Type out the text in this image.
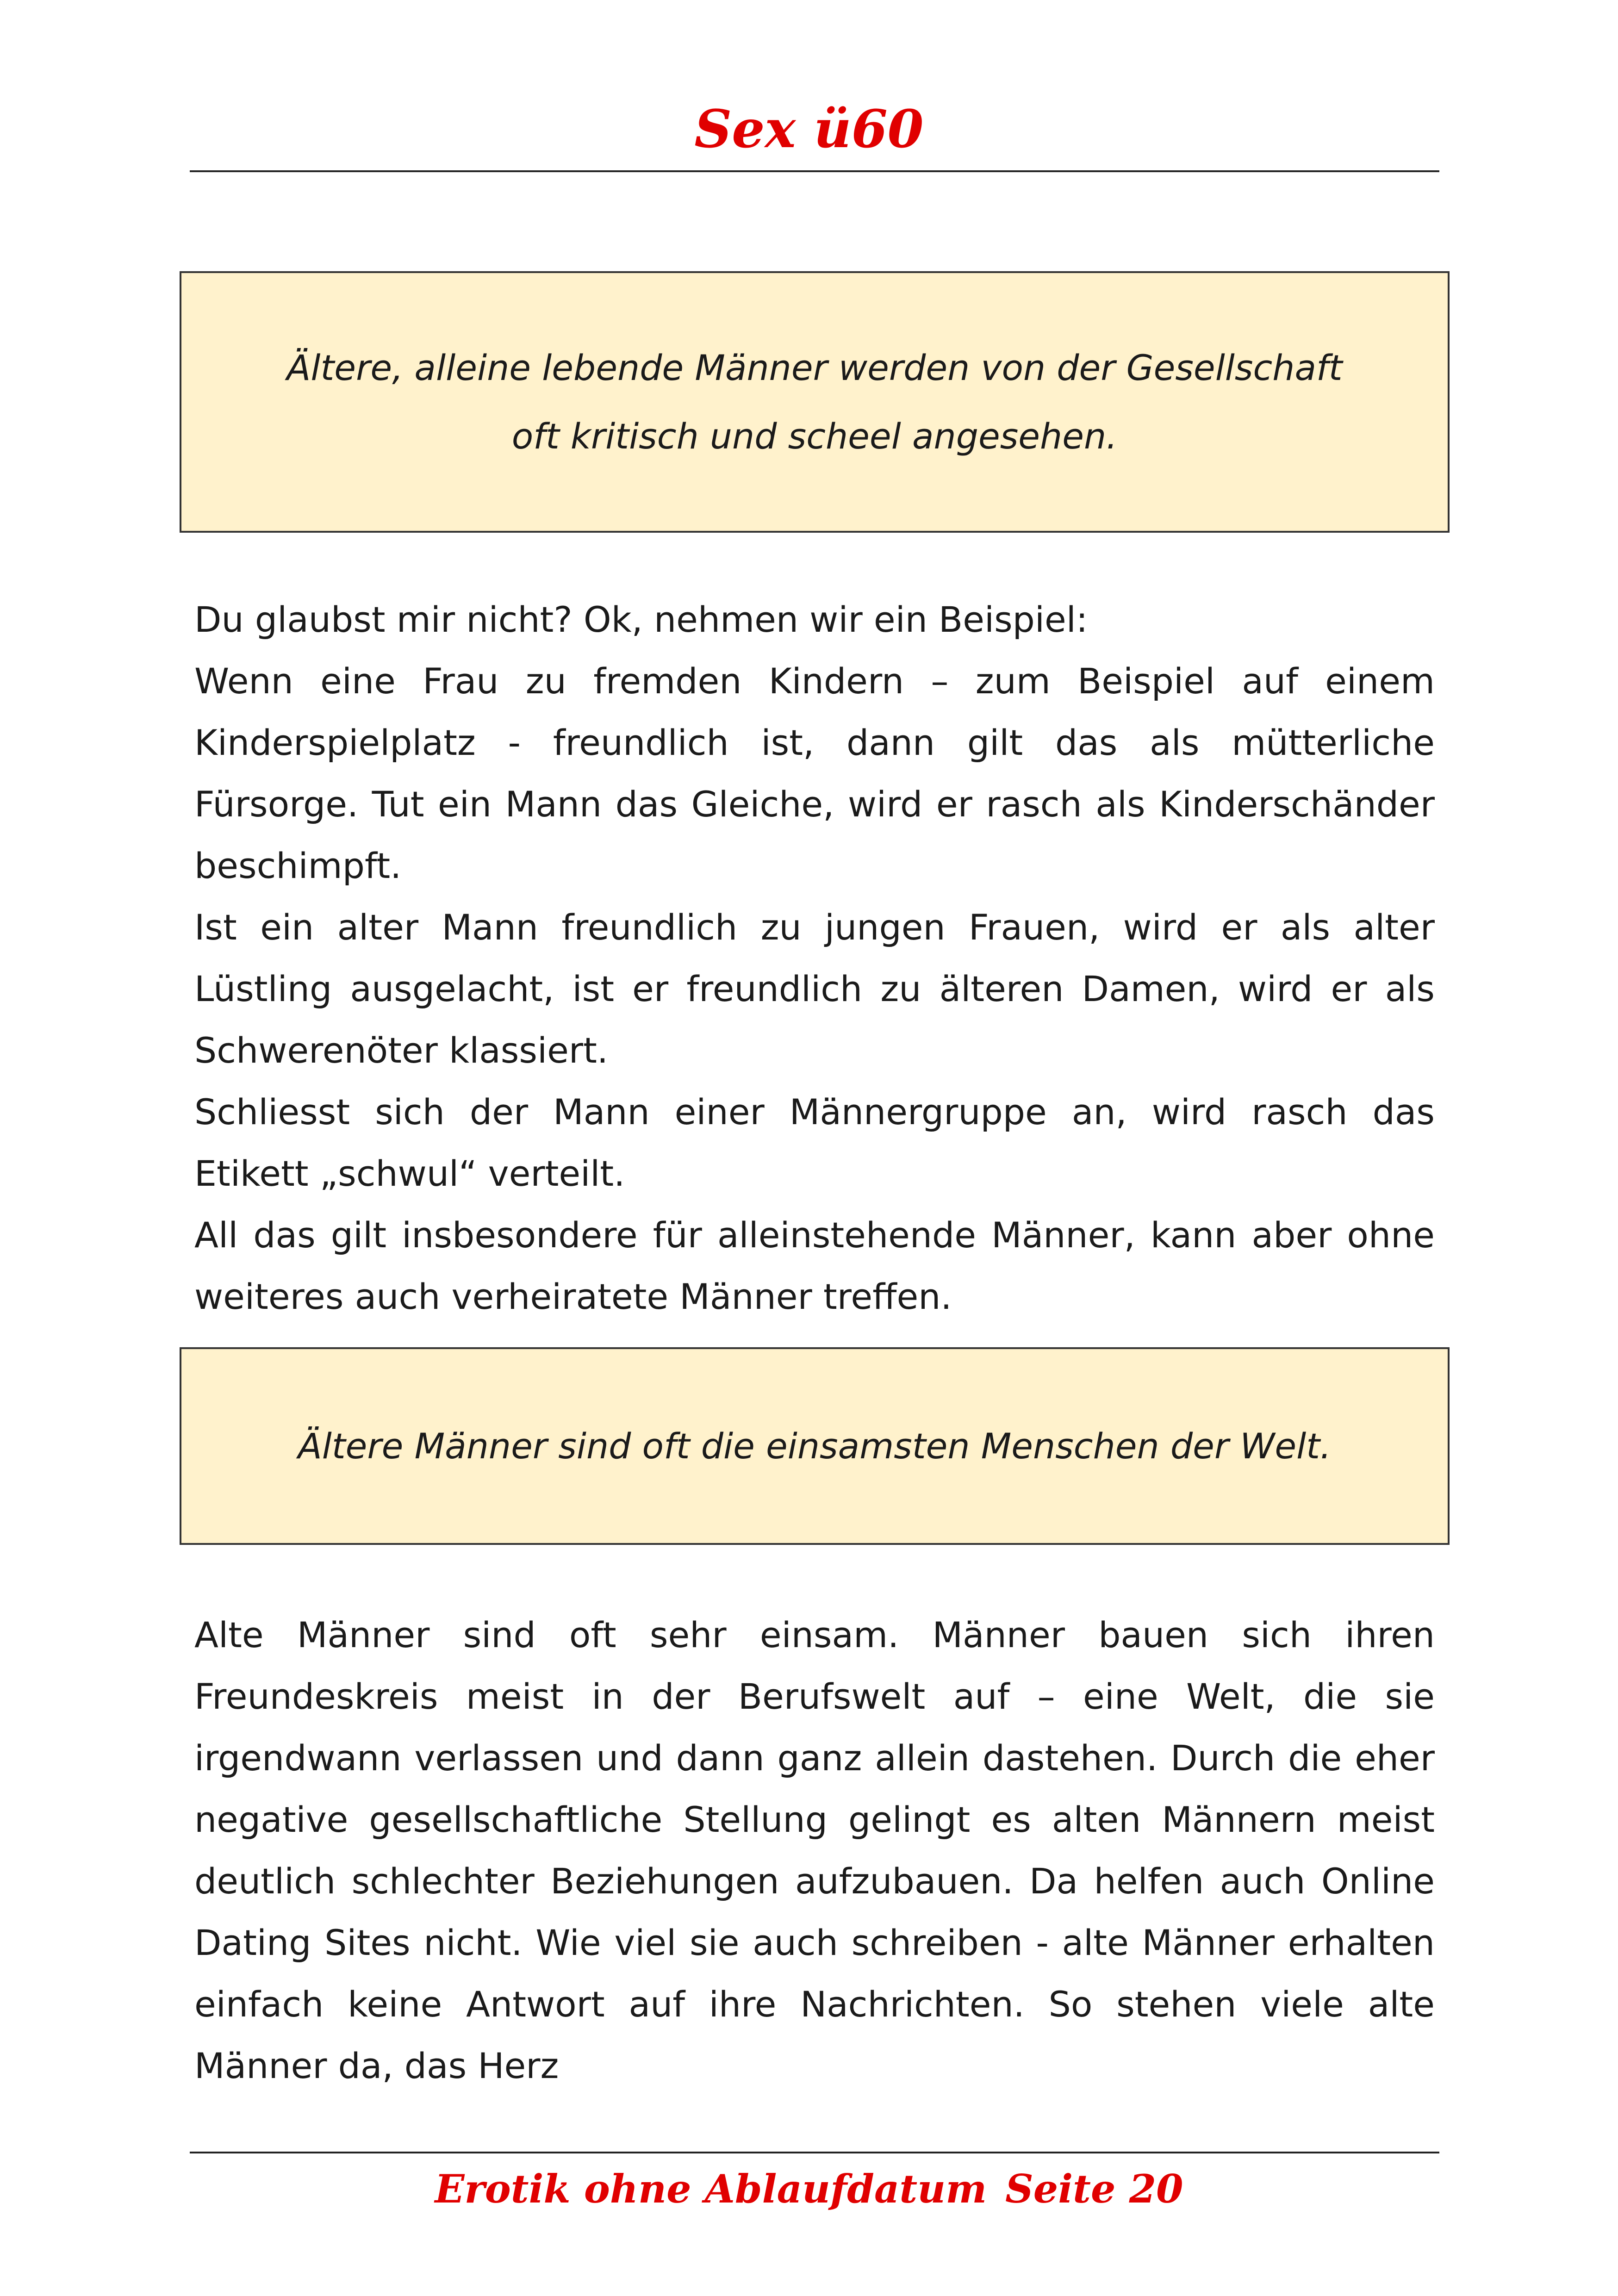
Sex ü60
Ältere, alleine lebende Männer werden von der Gesellschaft
oft kritisch und scheel angesehen.

Du glaubst mir nicht? Ok, nehmen wir ein Beispiel:

Wenn eine Frau zu fremden Kindern – zum Beispiel auf einem Kinderspielplatz - freundlich ist, dann gilt das als mütterliche Fürsorge. Tut ein Mann das Gleiche, wird er rasch als Kinderschänder beschimpft.

Ist ein alter Mann freundlich zu jungen Frauen, wird er als alter Lüstling ausgelacht, ist er freundlich zu älteren Damen, wird er als Schwerenöter klassiert.

Schliesst sich der Mann einer Männergruppe an, wird rasch das Etikett „schwul“ verteilt.

All das gilt insbesondere für alleinstehende Männer, kann aber ohne weiteres auch verheiratete Männer treffen.

Ältere Männer sind oft die einsamsten Menschen der Welt.

Alte Männer sind oft sehr einsam. Männer bauen sich ihren Freundeskreis meist in der Berufswelt auf – eine Welt, die sie irgendwann verlassen und dann ganz allein dastehen. Durch die eher negative gesellschaftliche Stellung gelingt es alten Männern meist deutlich schlechter Beziehungen aufzubauen. Da helfen auch Online Dating Sites nicht. Wie viel sie auch schreiben - alte Männer erhalten einfach keine Antwort auf ihre Nachrichten. So stehen viele alte Männer da, das Herz

Erotik ohne Ablaufdatum Seite 20
